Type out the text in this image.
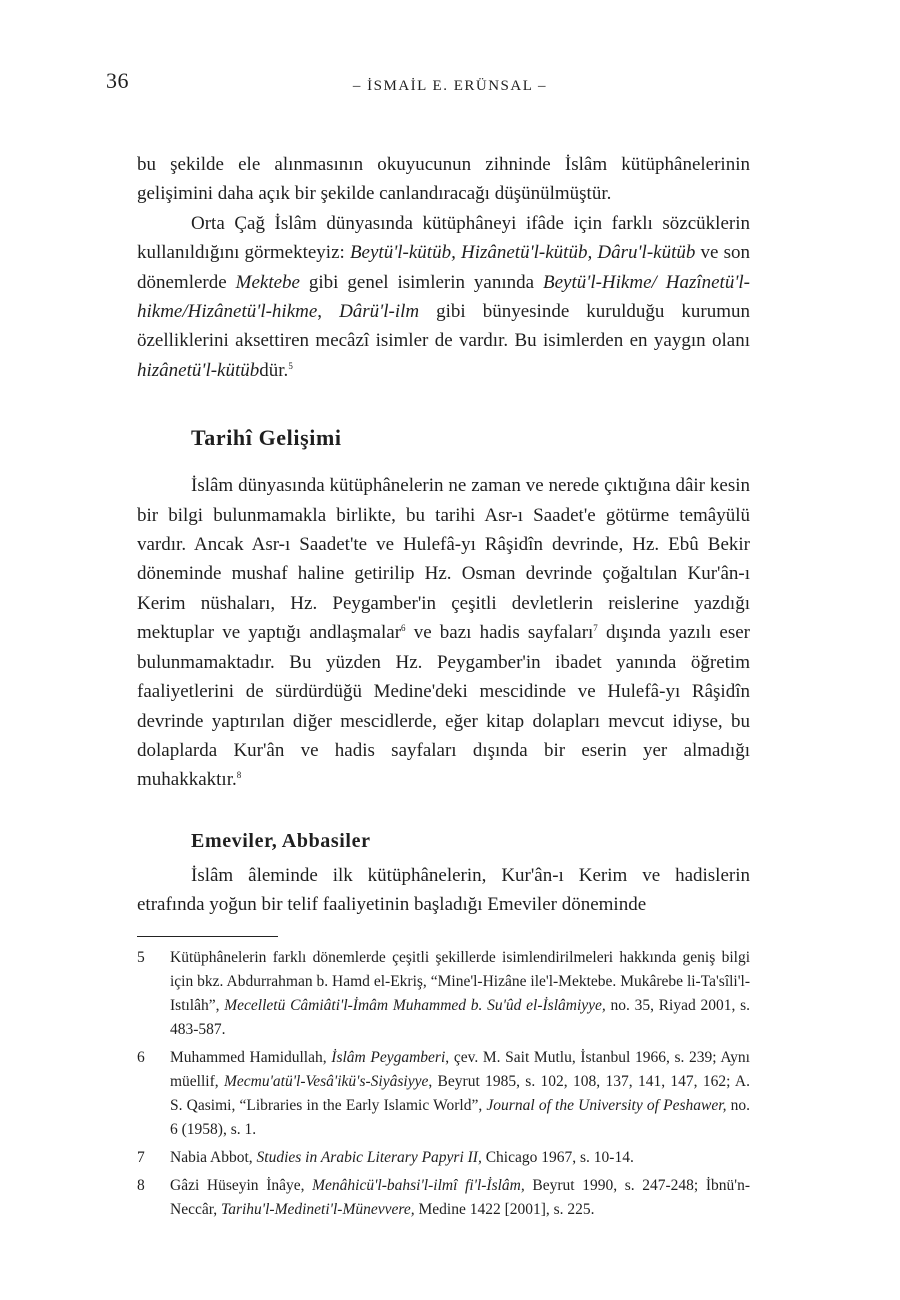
36	– İSMAİL E. ERÜNSAL –

bu şekilde ele alınmasının okuyucunun zihninde İslâm kütüphânelerinin gelişimini daha açık bir şekilde canlandıracağı düşünülmüştür.

Orta Çağ İslâm dünyasında kütüphâneyi ifâde için farklı sözcüklerin kullanıldığını görmekteyiz: Beytü'l-kütüb, Hizânetü'l-kütüb, Dâru'l-kütüb ve son dönemlerde Mektebe gibi genel isimlerin yanında Beytü'l-Hikme/ Hazînetü'l-hikme/Hizânetü'l-hikme, Dârü'l-ilm gibi bünyesinde kurulduğu kurumun özelliklerini aksettiren mecâzî isimler de vardır. Bu isimlerden en yaygın olanı hizânetü'l-kütübdür.$^5$

Tarihî Gelişimi

İslâm dünyasında kütüphânelerin ne zaman ve nerede çıktığına dâir kesin bir bilgi bulunmamakla birlikte, bu tarihi Asr-ı Saadet'e götürme temâyülü vardır. Ancak Asr-ı Saadet'te ve Hulefâ-yı Râşidîn devrinde, Hz. Ebû Bekir döneminde mushaf haline getirilip Hz. Osman devrinde çoğaltılan Kur'ân-ı Kerim nüshaları, Hz. Peygamber'in çeşitli devletlerin reislerine yazdığı mektuplar ve yaptığı andlaşmalar$^6$ ve bazı hadis sayfaları$^7$ dışında yazılı eser bulunmamaktadır. Bu yüzden Hz. Peygamber'in ibadet yanında öğretim faaliyetlerini de sürdürdüğü Medine'deki mescidinde ve Hulefâ-yı Râşidîn devrinde yaptırılan diğer mescidlerde, eğer kitap dolapları mevcut idiyse, bu dolaplarda Kur'ân ve hadis sayfaları dışında bir eserin yer almadığı muhakkaktır.$^8$

Emeviler, Abbasiler

İslâm âleminde ilk kütüphânelerin, Kur'ân-ı Kerim ve hadislerin etrafında yoğun bir telif faaliyetinin başladığı Emeviler döneminde

5 Kütüphânelerin farklı dönemlerde çeşitli şekillerde isimlendirilmeleri hakkında geniş bilgi için bkz. Abdurrahman b. Hamd el-Ekriş, “Mine'l-Hizâne ile'l-Mektebe. Mukârebe li-Ta'sîli'l-Istılâh”, Mecelletü Câmiâti'l-İmâm Muhammed b. Su'ûd el-İslâmiyye, no. 35, Riyad 2001, s. 483-587.
6 Muhammed Hamidullah, İslâm Peygamberi, çev. M. Sait Mutlu, İstanbul 1966, s. 239; Aynı müellif, Mecmu'atü'l-Vesâ'ikü's-Siyâsiyye, Beyrut 1985, s. 102, 108, 137, 141, 147, 162; A. S. Qasimi, “Libraries in the Early Islamic World”, Journal of the University of Peshawer, no. 6 (1958), s. 1.
7 Nabia Abbot, Studies in Arabic Literary Papyri II, Chicago 1967, s. 10-14.
8 Gâzi Hüseyin İnâye, Menâhicü'l-bahsi'l-ilmî fi'l-İslâm, Beyrut 1990, s. 247-248; İbnü'n-Neccâr, Tarihu'l-Medineti'l-Münevvere, Medine 1422 [2001], s. 225.
